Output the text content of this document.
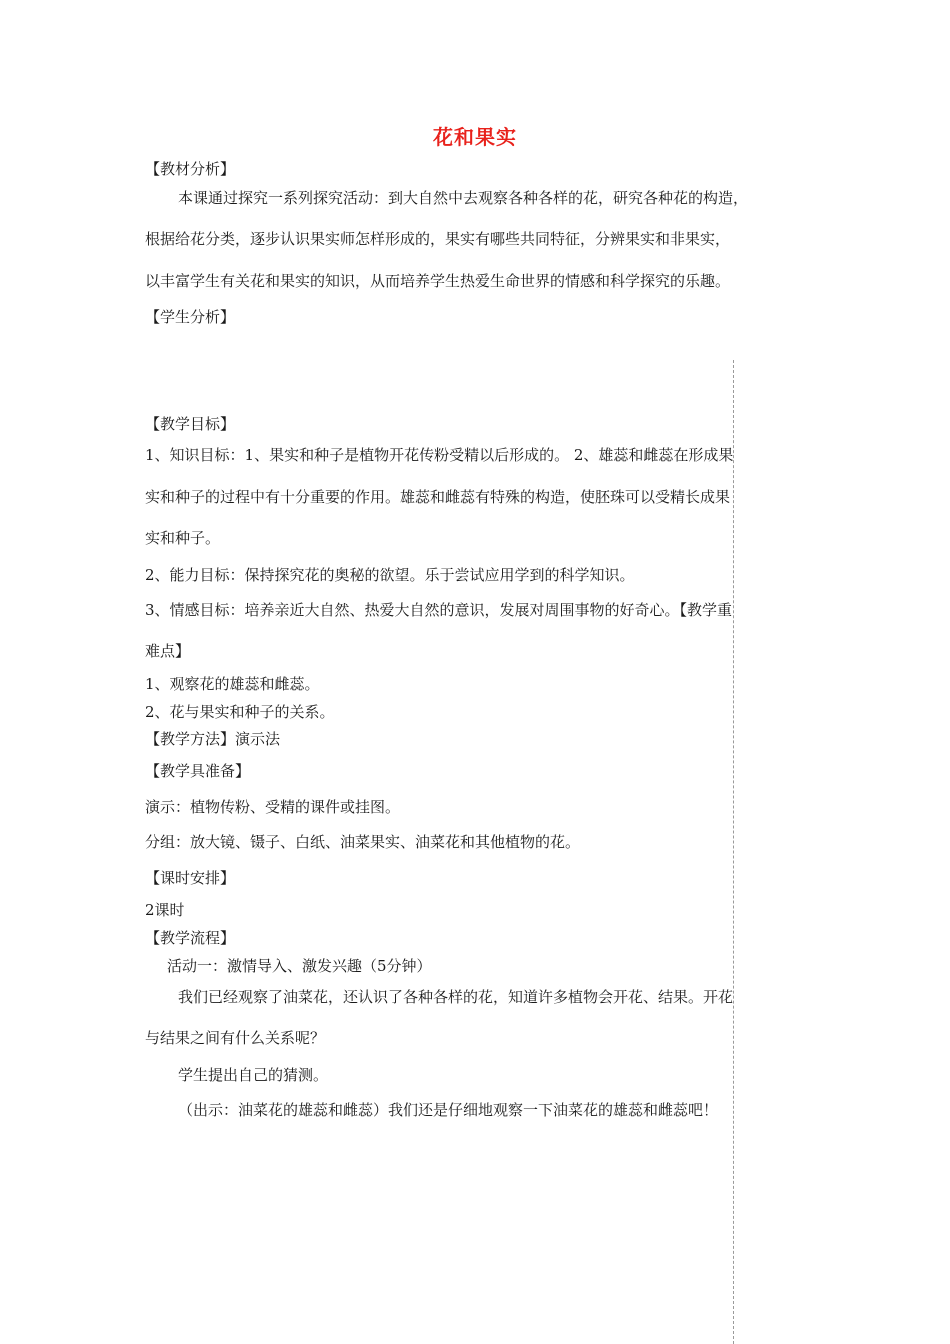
花和果实
【教材分析】
本课通过探究一系列探究活动：到大自然中去观察各种各样的花，研究各种花的构造，
根据给花分类，逐步认识果实师怎样形成的，果实有哪些共同特征，分辨果实和非果实，
以丰富学生有关花和果实的知识，从而培养学生热爱生命世界的情感和科学探究的乐趣。
【学生分析】
【教学目标】
1、知识目标：1、果实和种子是植物开花传粉受精以后形成的。 2、雄蕊和雌蕊在形成果
实和种子的过程中有十分重要的作用。雄蕊和雌蕊有特殊的构造，使胚珠可以受精长成果
实和种子。
2、能力目标：保持探究花的奥秘的欲望。乐于尝试应用学到的科学知识。
3、情感目标：培养亲近大自然、热爱大自然的意识，发展对周围事物的好奇心。【教学重
难点】
1、观察花的雄蕊和雌蕊。
2、花与果实和种子的关系。
【教学方法】演示法
【教学具准备】
演示：植物传粉、受精的课件或挂图。
分组：放大镜、镊子、白纸、油菜果实、油菜花和其他植物的花。
【课时安排】
2课时
【教学流程】
活动一：激情导入、激发兴趣（5分钟）
我们已经观察了油菜花，还认识了各种各样的花，知道许多植物会开花、结果。开花
与结果之间有什么关系呢？
学生提出自己的猜测。
（出示：油菜花的雄蕊和雌蕊）我们还是仔细地观察一下油菜花的雄蕊和雌蕊吧！
